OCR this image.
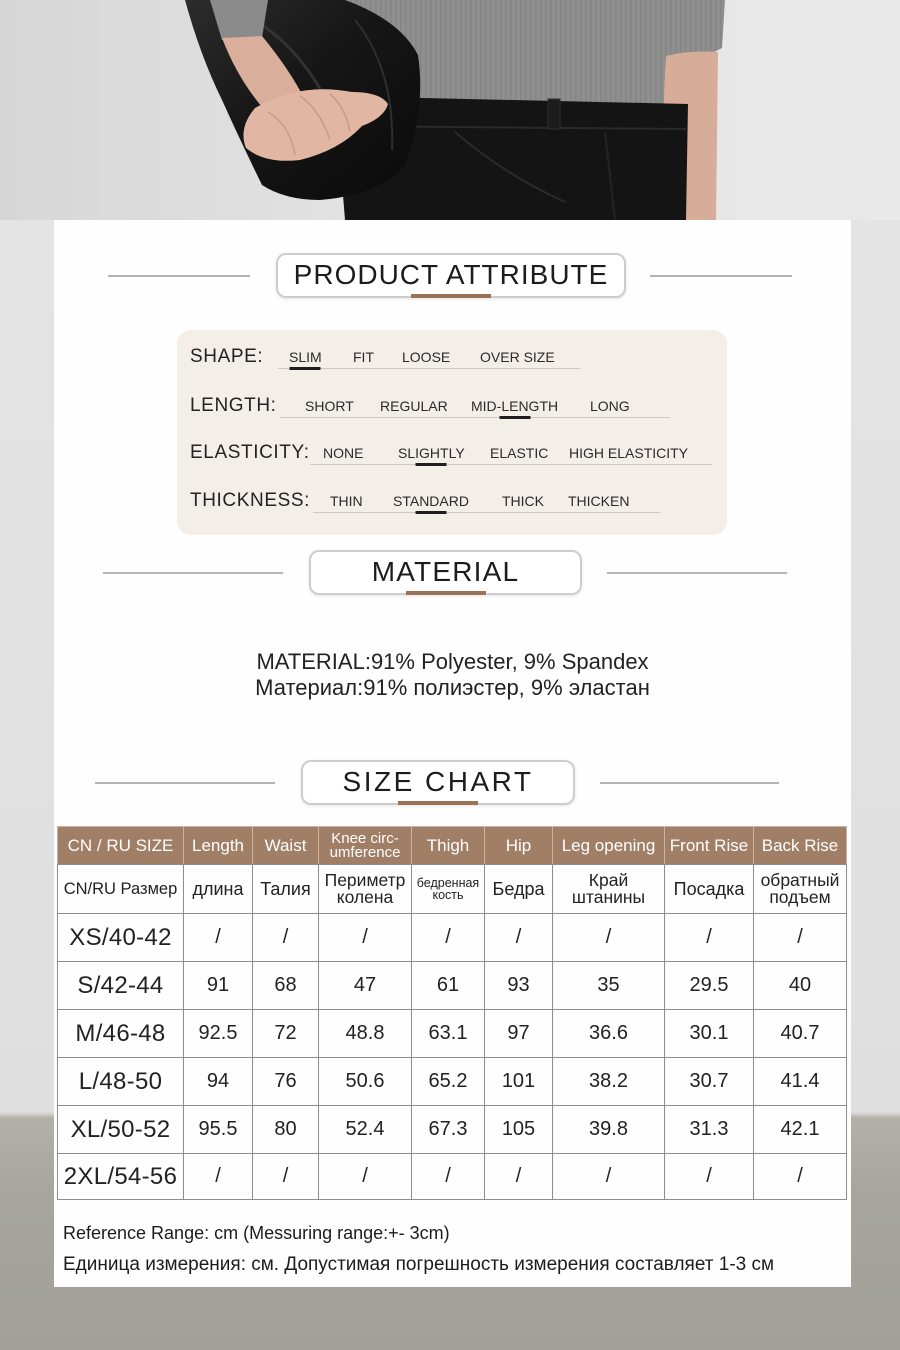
PRODUCT ATTRIBUTE
SHAPE: SLIM FIT LOOSE OVER SIZE
LENGTH: SHORT REGULAR MID-LENGTH LONG
ELASTICITY: NONE SLIGHTLY ELASTIC HIGH ELASTICITY
THICKNESS: THIN STANDARD THICK THICKEN
MATERIAL
MATERIAL:91% Polyester, 9% Spandex
Материал:91% полиэстер, 9% эластан
SIZE CHART
CN / RU SIZE	Length	Waist	Knee circ-
umference	Thigh	Hip	Leg opening	Front Rise	Back Rise
CN/RU Размер	длина	Талия	Периметр
колена	бедренная
кость	Бедра	Край
штанины	Посадка	обратный
подъем
XS/40-42	/	/	/	/	/	/	/	/
S/42-44	91	68	47	61	93	35	29.5	40
M/46-48	92.5	72	48.8	63.1	97	36.6	30.1	40.7
L/48-50	94	76	50.6	65.2	101	38.2	30.7	41.4
XL/50-52	95.5	80	52.4	67.3	105	39.8	31.3	42.1
2XL/54-56	/	/	/	/	/	/	/	/
Reference Range: cm (Messuring range:+- 3cm)
Единица измерения: см. Допустимая погрешность измерения составляет 1-3 см
